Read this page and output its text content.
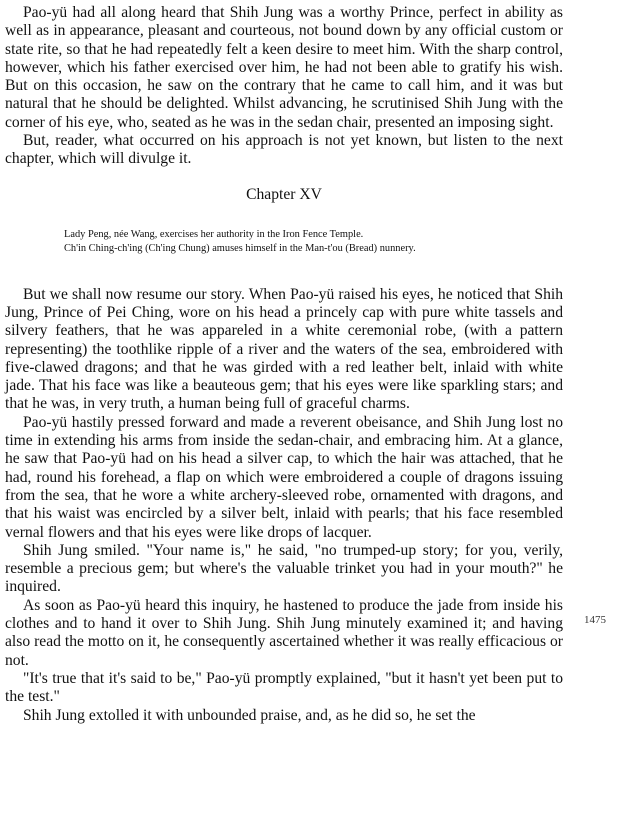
Pao-yü had all along heard that Shih Jung was a worthy Prince, perfect in ability as well as in appearance, pleasant and courteous, not bound down by any official custom or state rite, so that he had repeatedly felt a keen desire to meet him. With the sharp control, however, which his father exercised over him, he had not been able to gratify his wish. But on this occasion, he saw on the contrary that he came to call him, and it was but natural that he should be delighted. Whilst advancing, he scrutinised Shih Jung with the corner of his eye, who, seated as he was in the sedan chair, presented an imposing sight.

But, reader, what occurred on his approach is not yet known, but listen to the next chapter, which will divulge it.

Chapter XV
Lady Peng, née Wang, exercises her authority in the Iron Fence Temple.
Ch'in Ching-ch'ing (Ch'ing Chung) amuses himself in the Man-t'ou (Bread) nunnery.

But we shall now resume our story. When Pao-yü raised his eyes, he noticed that Shih Jung, Prince of Pei Ching, wore on his head a princely cap with pure white tassels and silvery feathers, that he was appareled in a white ceremonial robe, (with a pattern representing) the toothlike ripple of a river and the waters of the sea, embroidered with five-clawed dragons; and that he was girded with a red leather belt, inlaid with white jade. That his face was like a beauteous gem; that his eyes were like sparkling stars; and that he was, in very truth, a human being full of graceful charms.

Pao-yü hastily pressed forward and made a reverent obeisance, and Shih Jung lost no time in extending his arms from inside the sedan-chair, and embracing him. At a glance, he saw that Pao-yü had on his head a silver cap, to which the hair was attached, that he had, round his forehead, a flap on which were embroidered a couple of dragons issuing from the sea, that he wore a white archery-sleeved robe, ornamented with dragons, and that his waist was encircled by a silver belt, inlaid with pearls; that his face resembled vernal flowers and that his eyes were like drops of lacquer.

Shih Jung smiled. "Your name is," he said, "no trumped-up story; for you, verily, resemble a precious gem; but where's the valuable trinket you had in your mouth?" he inquired.

As soon as Pao-yü heard this inquiry, he hastened to produce the jade from inside his clothes and to hand it over to Shih Jung. Shih Jung minutely examined it; and having also read the motto on it, he consequently ascertained whether it was really efficacious or not.

"It's true that it's said to be," Pao-yü promptly explained, "but it hasn't yet been put to the test."

Shih Jung extolled it with unbounded praise, and, as he did so, he set the

1475
